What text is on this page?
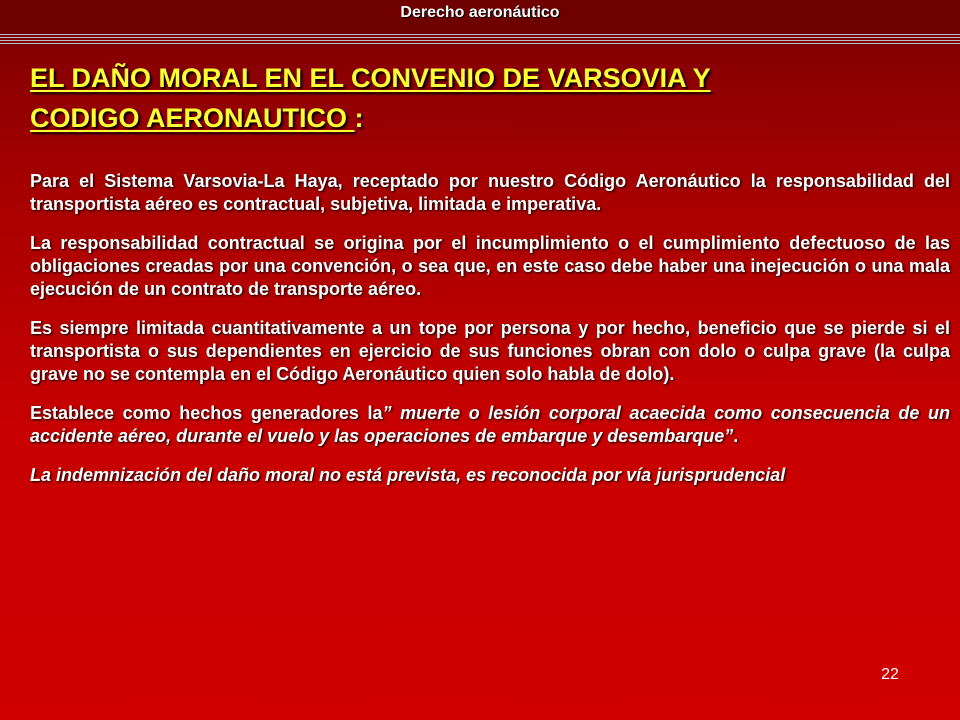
Derecho aeronáutico
EL DAÑO MORAL EN EL CONVENIO DE VARSOVIA Y
CODIGO AERONAUTICO :

Para el Sistema Varsovia-La Haya, receptado por nuestro Código Aeronáutico la responsabilidad del transportista aéreo es contractual, subjetiva, limitada e imperativa.

La responsabilidad contractual se origina por el incumplimiento o el cumplimiento defectuoso de las obligaciones creadas por una convención, o sea que, en este caso debe haber una inejecución o una mala ejecución de un contrato de transporte aéreo.

Es siempre limitada cuantitativamente a un tope por persona y por hecho, beneficio que se pierde si el transportista o sus dependientes en ejercicio de sus funciones obran con dolo o culpa grave (la culpa grave no se contempla en el Código Aeronáutico quien solo habla de dolo).

Establece como hechos generadores la” muerte o lesión corporal acaecida como consecuencia de un accidente aéreo, durante el vuelo y las operaciones de embarque y desembarque”.

La indemnización del daño moral no está prevista, es reconocida por vía jurisprudencial

22
